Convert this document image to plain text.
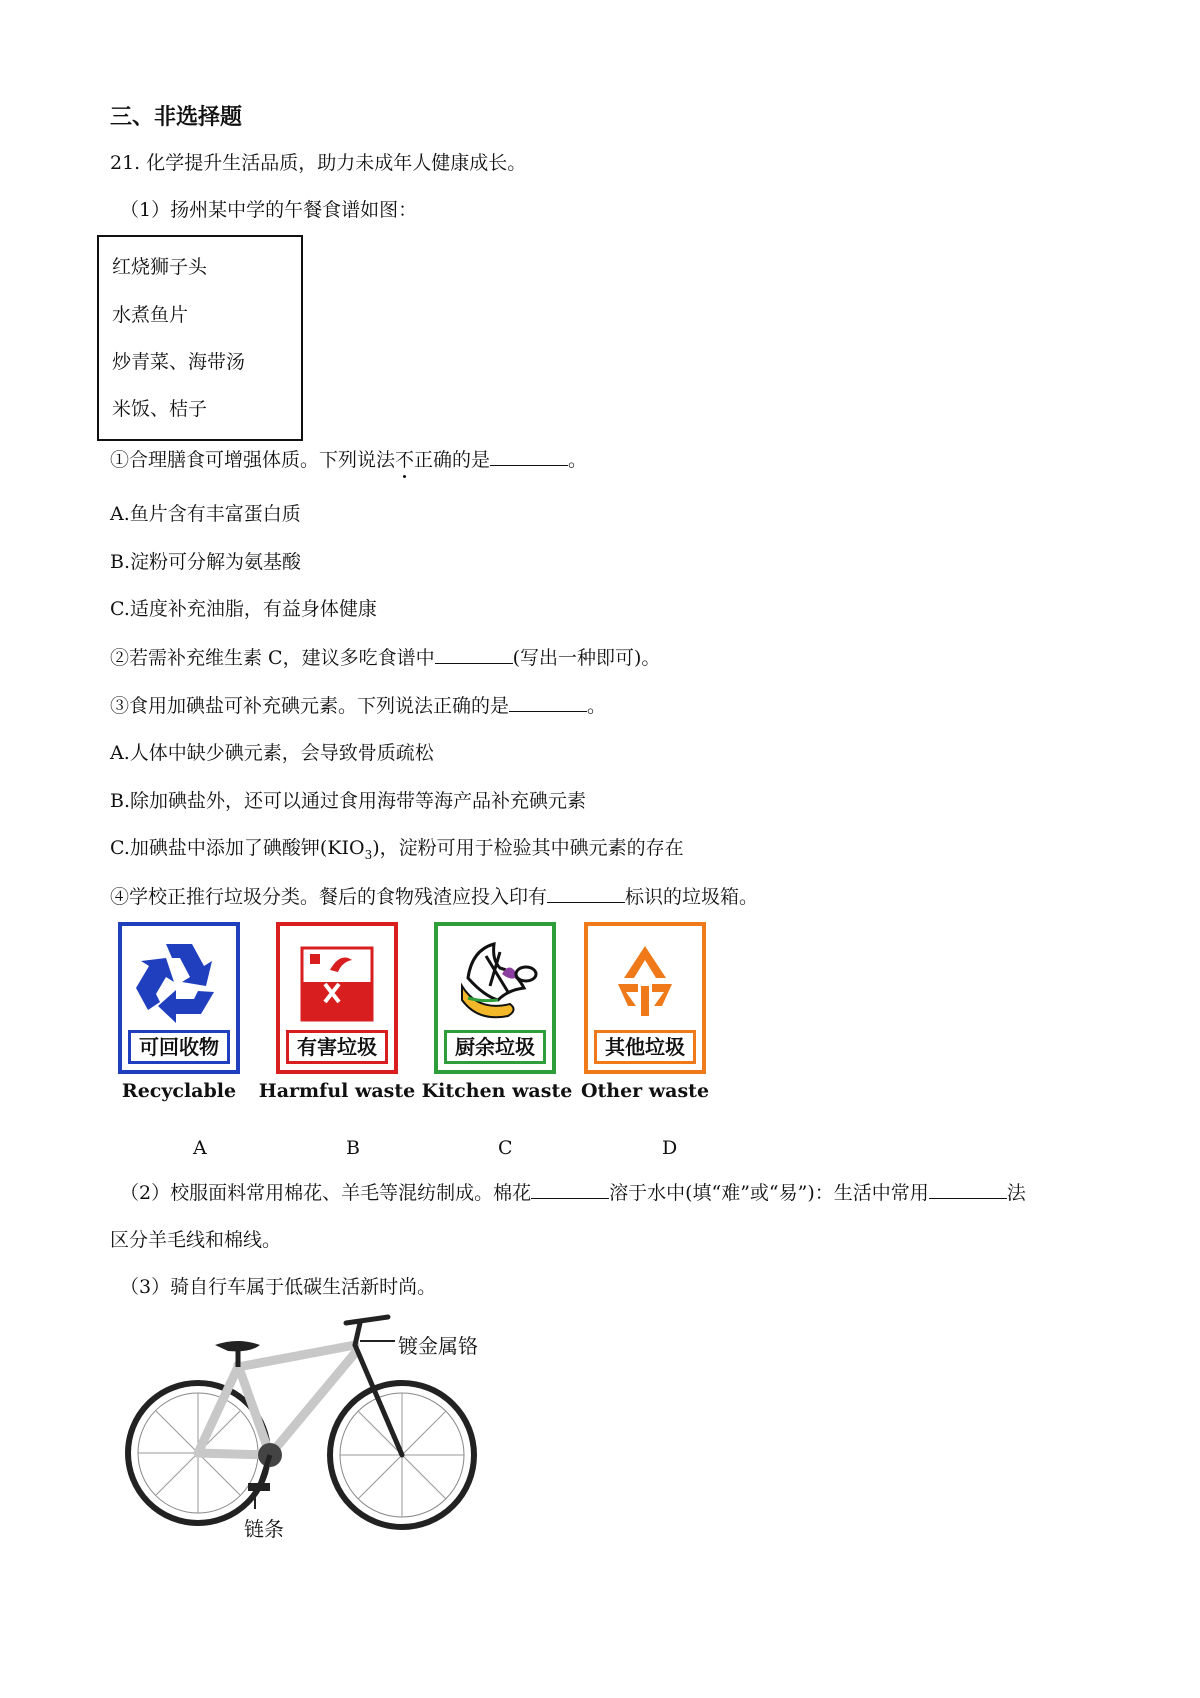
三、非选择题
21. 化学提升生活品质，助力未成年人健康成长。
（1）扬州某中学的午餐食谱如图：
红烧狮子头
水煮鱼片
炒青菜、海带汤
米饭、桔子
①合理膳食可增强体质。下列说法不正确的是	。
A.鱼片含有丰富蛋白质
B.淀粉可分解为氨基酸
C.适度补充油脂，有益身体健康
②若需补充维生素 C，建议多吃食谱中	(写出一种即可)。
③食用加碘盐可补充碘元素。下列说法正确的是	。
A.人体中缺少碘元素，会导致骨质疏松
B.除加碘盐外，还可以通过食用海带等海产品补充碘元素
C.加碘盐中添加了碘酸钾$(KIO_3)$，淀粉可用于检验其中碘元素的存在
④学校正推行垃圾分类。餐后的食物残渣应投入印有	标识的垃圾箱。
可回收物	有害垃圾	厨余垃圾	其他垃圾
Recyclable	Harmful waste Kitchen waste Other waste
A	B	C	D
（2）校服面料常用棉花、羊毛等混纺制成。棉花	溶于水中(填“难”或“易”)：生活中常用	法
区分羊毛线和棉线。
（3）骑自行车属于低碳生活新时尚。
镀金属铬
链条
